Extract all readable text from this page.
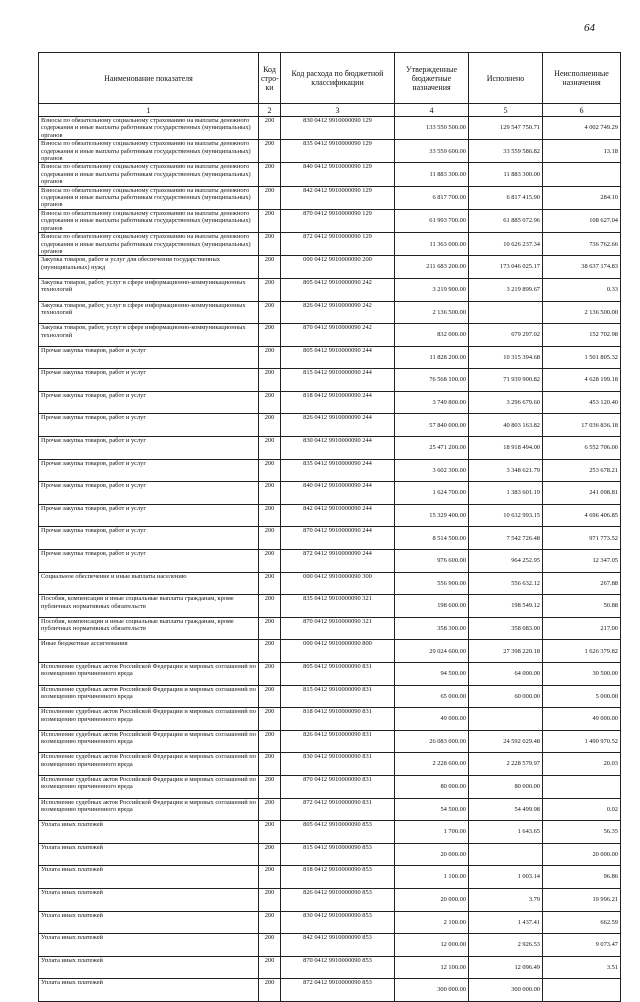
64
Наименование показателя	Код стро-ки	Код расхода по бюджетной классификации	Утвержденные бюджетные назначения	Исполнено	Неисполненные назначения
1	2	3	4	5	6
Взносы по обязательному социальному страхованию на выплаты денежного содержания и иные выплаты работникам государственных (муниципальных) органов	200	830 0412 9910000090 129	133 550 500.00	129 547 750.71	4 002 749.29
Взносы по обязательному социальному страхованию на выплаты денежного содержания и иные выплаты работникам государственных (муниципальных) органов	200	835 0412 9910000090 129	33 559 600.00	33 559 586.82	13.18
Взносы по обязательному социальному страхованию на выплаты денежного содержания и иные выплаты работникам государственных (муниципальных) органов	200	840 0412 9910000090 129	11 883 300.00	11 883 300.00	
Взносы по обязательному социальному страхованию на выплаты денежного содержания и иные выплаты работникам государственных (муниципальных) органов	200	842 0412 9910000090 129	6 817 700.00	6 817 415.90	284.10
Взносы по обязательному социальному страхованию на выплаты денежного содержания и иные выплаты работникам государственных (муниципальных) органов	200	870 0412 9910000090 129	61 993 700.00	61 885 072.96	108 627.04
Взносы по обязательному социальному страхованию на выплаты денежного содержания и иные выплаты работникам государственных (муниципальных) органов	200	872 0412 9910000090 129	11 363 000.00	10 626 237.34	736 762.66
Закупка товаров, работ и услуг для обеспечения государственных (муниципальных) нужд	200	000 0412 9910000090 200	211 683 200.00	173 046 025.17	38 637 174.83
Закупка товаров, работ, услуг в сфере информационно-коммуникационных технологий	200	805 0412 9910000090 242	3 219 900.00	3 219 899.67	0.33
Закупка товаров, работ, услуг в сфере информационно-коммуникационных технологий	200	826 0412 9910000090 242	2 136 500.00		2 136 500.00
Закупка товаров, работ, услуг в сфере информационно-коммуникационных технологий	200	870 0412 9910000090 242	832 000.00	679 297.02	152 702.98
Прочая закупка товаров, работ и услуг	200	805 0412 9910000090 244	11 828 200.00	10 315 394.68	1 501 805.32
Прочая закупка товаров, работ и услуг	200	815 0412 9910000090 244	76 568 100.00	71 939 900.82	4 628 199.18
Прочая закупка товаров, работ и услуг	200	818 0412 9910000090 244	3 749 800.00	3 296 679.60	453 120.40
Прочая закупка товаров, работ и услуг	200	826 0412 9910000090 244	57 840 000.00	40 803 163.82	17 036 836.18
Прочая закупка товаров, работ и услуг	200	830 0412 9910000090 244	25 471 200.00	18 918 494.00	6 552 706.00
Прочая закупка товаров, работ и услуг	200	835 0412 9910000090 244	3 602 300.00	3 348 621.79	253 678.21
Прочая закупка товаров, работ и услуг	200	840 0412 9910000090 244	1 624 700.00	1 383 601.19	241 098.81
Прочая закупка товаров, работ и услуг	200	842 0412 9910000090 244	15 329 400.00	10 632 993.15	4 696 406.85
Прочая закупка товаров, работ и услуг	200	870 0412 9910000090 244	8 514 500.00	7 542 726.48	971 773.52
Прочая закупка товаров, работ и услуг	200	872 0412 9910000090 244	976 600.00	964 252.95	12 347.05
Социальное обеспечение и иные выплаты населению	200	000 0412 9910000090 300	556 900.00	556 632.12	267.88
Пособия, компенсации и иные социальные выплаты гражданам, кроме публичных нормативных обязательств	200	835 0412 9910000090 321	198 600.00	198 549.12	50.88
Пособия, компенсации и иные социальные выплаты гражданам, кроме публичных нормативных обязательств	200	870 0412 9910000090 321	358 300.00	358 083.00	217.00
Иные бюджетные ассигнования	200	000 0412 9910000090 800	29 024 600.00	27 398 220.18	1 626 379.82
Исполнение судебных актов Российской Федерации и мировых соглашений по возмещению причиненного вреда	200	805 0412 9910000090 831	94 500.00	64 000.00	30 500.00
Исполнение судебных актов Российской Федерации и мировых соглашений по возмещению причиненного вреда	200	815 0412 9910000090 831	65 000.00	60 000.00	5 000.00
Исполнение судебных актов Российской Федерации и мировых соглашений по возмещению причиненного вреда	200	818 0412 9910000090 831	49 000.00		49 000.00
Исполнение судебных актов Российской Федерации и мировых соглашений по возмещению причиненного вреда	200	826 0412 9910000090 831	26 083 000.00	24 592 029.48	1 490 970.52
Исполнение судебных актов Российской Федерации и мировых соглашений по возмещению причиненного вреда	200	830 0412 9910000090 831	2 228 600.00	2 228 579.97	20.03
Исполнение судебных актов Российской Федерации и мировых соглашений по возмещению причиненного вреда	200	870 0412 9910000090 831	80 000.00	80 000.00	
Исполнение судебных актов Российской Федерации и мировых соглашений по возмещению причиненного вреда	200	872 0412 9910000090 831	54 500.00	54 499.98	0.02
Уплата иных платежей	200	805 0412 9910000090 853	1 700.00	1 643.65	56.35
Уплата иных платежей	200	815 0412 9910000090 853	20 000.00		20 000.00
Уплата иных платежей	200	818 0412 9910000090 853	1 100.00	1 003.14	96.86
Уплата иных платежей	200	826 0412 9910000090 853	20 000.00	3.79	19 996.21
Уплата иных платежей	200	830 0412 9910000090 853	2 100.00	1 437.41	662.59
Уплата иных платежей	200	842 0412 9910000090 853	12 000.00	2 926.53	9 073.47
Уплата иных платежей	200	870 0412 9910000090 853	12 100.00	12 096.49	3.51
Уплата иных платежей	200	872 0412 9910000090 853	300 000.00	300 000.00	
